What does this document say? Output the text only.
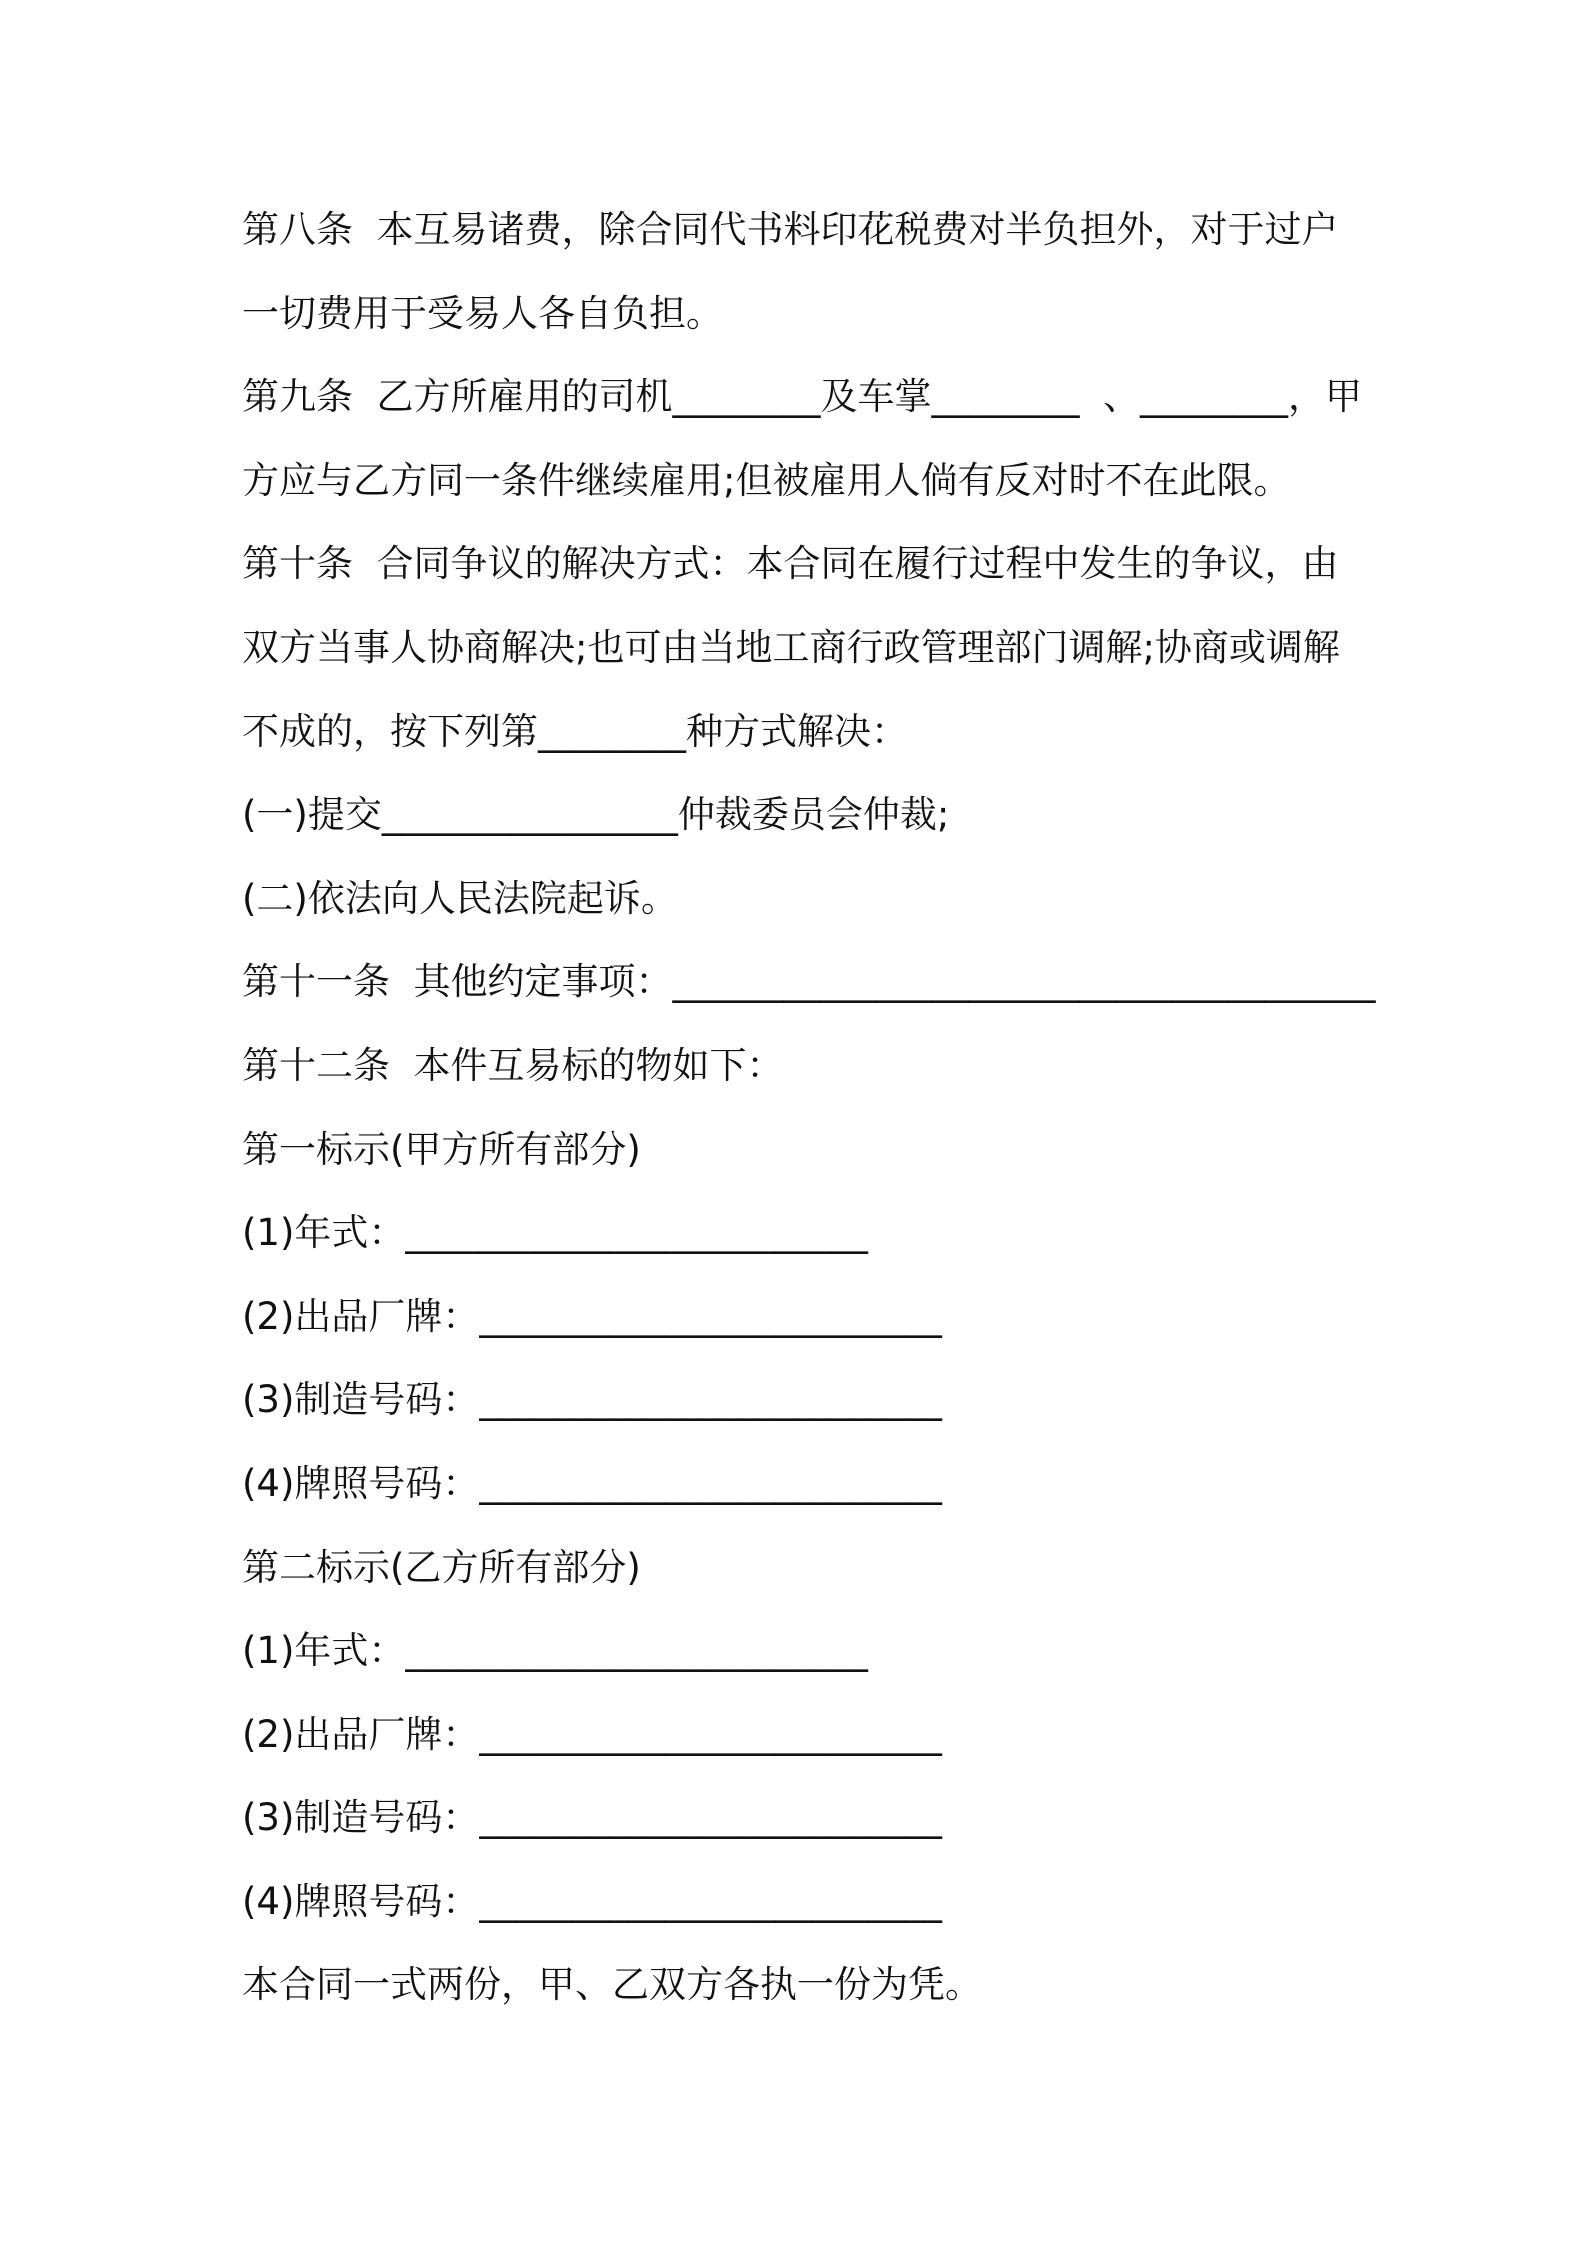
第八条  本互易诸费，除合同代书料印花税费对半负担外，对于过户
一切费用于受易人各自负担。
第九条  乙方所雇用的司机________及车掌________  、________，甲
方应与乙方同一条件继续雇用;但被雇用人倘有反对时不在此限。
第十条  合同争议的解决方式：本合同在履行过程中发生的争议，由
双方当事人协商解决;也可由当地工商行政管理部门调解;协商或调解
不成的，按下列第________种方式解决：
(一)提交________________仲裁委员会仲裁;
(二)依法向人民法院起诉。
第十一条  其他约定事项：______________________________________
第十二条  本件互易标的物如下：
第一标示(甲方所有部分)
(1)年式：_________________________
(2)出品厂牌：_________________________
(3)制造号码：_________________________
(4)牌照号码：_________________________
第二标示(乙方所有部分)
(1)年式：_________________________
(2)出品厂牌：_________________________
(3)制造号码：_________________________
(4)牌照号码：_________________________
本合同一式两份，甲、乙双方各执一份为凭。
